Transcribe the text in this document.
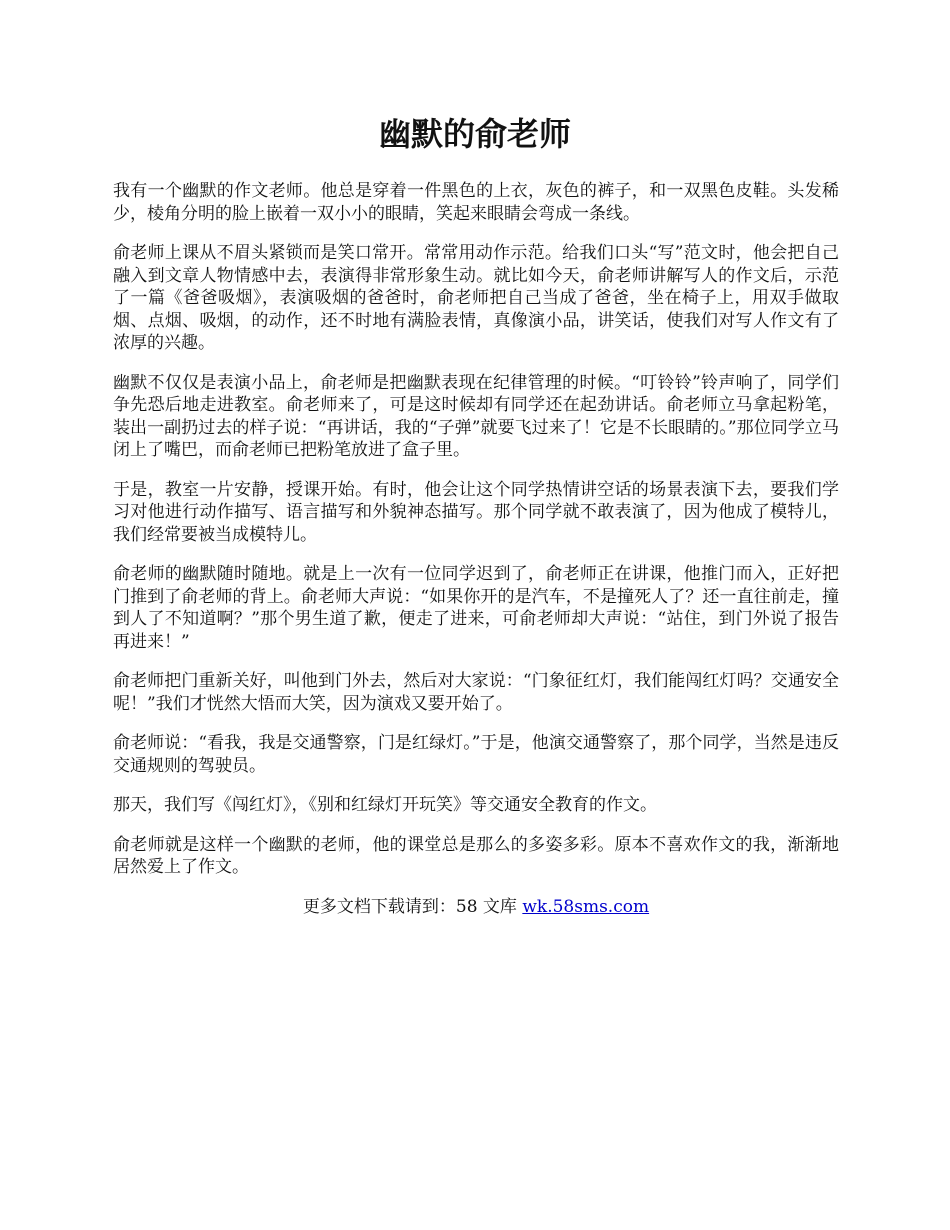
幽默的俞老师

我有一个幽默的作文老师。他总是穿着一件黑色的上衣，灰色的裤子，和一双黑色皮鞋。头发稀少，棱角分明的脸上嵌着一双小小的眼睛，笑起来眼睛会弯成一条线。

俞老师上课从不眉头紧锁而是笑口常开。常常用动作示范。给我们口头“写”范文时，他会把自己融入到文章人物情感中去，表演得非常形象生动。就比如今天，俞老师讲解写人的作文后，示范了一篇《爸爸吸烟》，表演吸烟的爸爸时，俞老师把自己当成了爸爸，坐在椅子上，用双手做取烟、点烟、吸烟，的动作，还不时地有满脸表情，真像演小品，讲笑话，使我们对写人作文有了浓厚的兴趣。

幽默不仅仅是表演小品上，俞老师是把幽默表现在纪律管理的时候。“叮铃铃”铃声响了，同学们争先恐后地走进教室。俞老师来了，可是这时候却有同学还在起劲讲话。俞老师立马拿起粉笔，装出一副扔过去的样子说：“再讲话，我的“子弹”就要飞过来了！它是不长眼睛的。”那位同学立马闭上了嘴巴，而俞老师已把粉笔放进了盒子里。

于是，教室一片安静，授课开始。有时，他会让这个同学热情讲空话的场景表演下去，要我们学习对他进行动作描写、语言描写和外貌神态描写。那个同学就不敢表演了，因为他成了模特儿，我们经常要被当成模特儿。

俞老师的幽默随时随地。就是上一次有一位同学迟到了，俞老师正在讲课，他推门而入，正好把门推到了俞老师的背上。俞老师大声说：“如果你开的是汽车，不是撞死人了？还一直往前走，撞到人了不知道啊？”那个男生道了歉，便走了进来，可俞老师却大声说：“站住，到门外说了报告再进来！”

俞老师把门重新关好，叫他到门外去，然后对大家说：“门象征红灯，我们能闯红灯吗？交通安全呢！”我们才恍然大悟而大笑，因为演戏又要开始了。

俞老师说：“看我，我是交通警察，门是红绿灯。”于是，他演交通警察了，那个同学，当然是违反交通规则的驾驶员。

那天，我们写《闯红灯》，《别和红绿灯开玩笑》等交通安全教育的作文。

俞老师就是这样一个幽默的老师，他的课堂总是那么的多姿多彩。原本不喜欢作文的我，渐渐地居然爱上了作文。

更多文档下载请到：58 文库 wk.58sms.com
